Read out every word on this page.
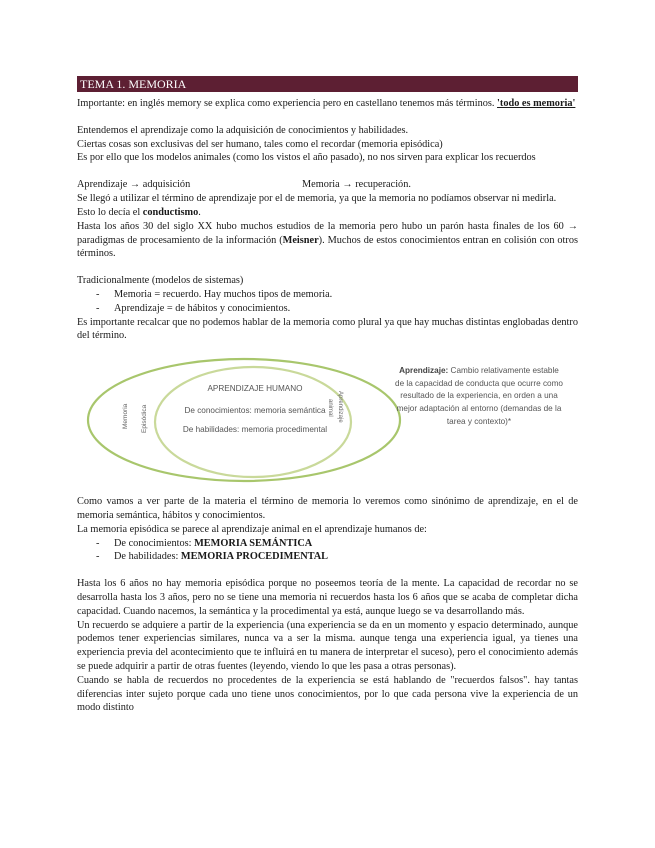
TEMA 1. MEMORIA

Importante: en inglés memory se explica como experiencia pero en castellano tenemos más términos. 'todo es memoria'

Entendemos el aprendizaje como la adquisición de conocimientos y habilidades.

Ciertas cosas son exclusivas del ser humano, tales como el recordar (memoria episódica)

Es por ello que los modelos animales (como los vistos el año pasado), no nos sirven para explicar los recuerdos

Aprendizaje → adquisición	Memoria → recuperación.

Se llegó a utilizar el término de aprendizaje por el de memoria, ya que la memoria no podíamos observar ni medirla.

Esto lo decía el conductismo.

Hasta los años 30 del siglo XX hubo muchos estudios de la memoria pero hubo un parón hasta finales de los 60 → paradigmas de procesamiento de la información (Meisner). Muchos de estos conocimientos entran en colisión con otros términos.

Tradicionalmente (modelos de sistemas)

- Memoria = recuerdo. Hay muchos tipos de memoria.
- Aprendizaje = de hábitos y conocimientos.

Es importante recalcar que no podemos hablar de la memoria como plural ya que hay muchas distintas englobadas dentro del término.

APRENDIZAJE HUMANO
De conocimientos: memoria semántica
De habilidades: memoria procedimental
Memoria Episódica	Aprendizaje
animal
Aprendizaje: Cambio relativamente estable de la capacidad de conducta que ocurre como resultado de la experiencia, en orden a una mejor adaptación al entorno (demandas de la tarea y contexto)*

Como vamos a ver parte de la materia el término de memoria lo veremos como sinónimo de aprendizaje, en el de memoria semántica, hábitos y conocimientos.

La memoria episódica se parece al aprendizaje animal en el aprendizaje humanos de:

- De conocimientos: MEMORIA SEMÁNTICA
- De habilidades: MEMORIA PROCEDIMENTAL

Hasta los 6 años no hay memoria episódica porque no poseemos teoría de la mente. La capacidad de recordar no se desarrolla hasta los 3 años, pero no se tiene una memoria ni recuerdos hasta los 6 años que se acaba de completar dicha capacidad. Cuando nacemos, la semántica y la procedimental ya está, aunque luego se va desarrollando más.

Un recuerdo se adquiere a partir de la experiencia (una experiencia se da en un momento y espacio determinado, aunque podemos tener experiencias similares, nunca va a ser la misma. aunque tenga una experiencia igual, ya tienes una experiencia previa del acontecimiento que te influirá en tu manera de interpretar el suceso), pero el conocimiento además se puede adquirir a partir de otras fuentes (leyendo, viendo lo que les pasa a otras personas).

Cuando se habla de recuerdos no procedentes de la experiencia se está hablando de "recuerdos falsos". hay tantas diferencias inter sujeto porque cada uno tiene unos conocimientos, por lo que cada persona vive la experiencia de un modo distinto
